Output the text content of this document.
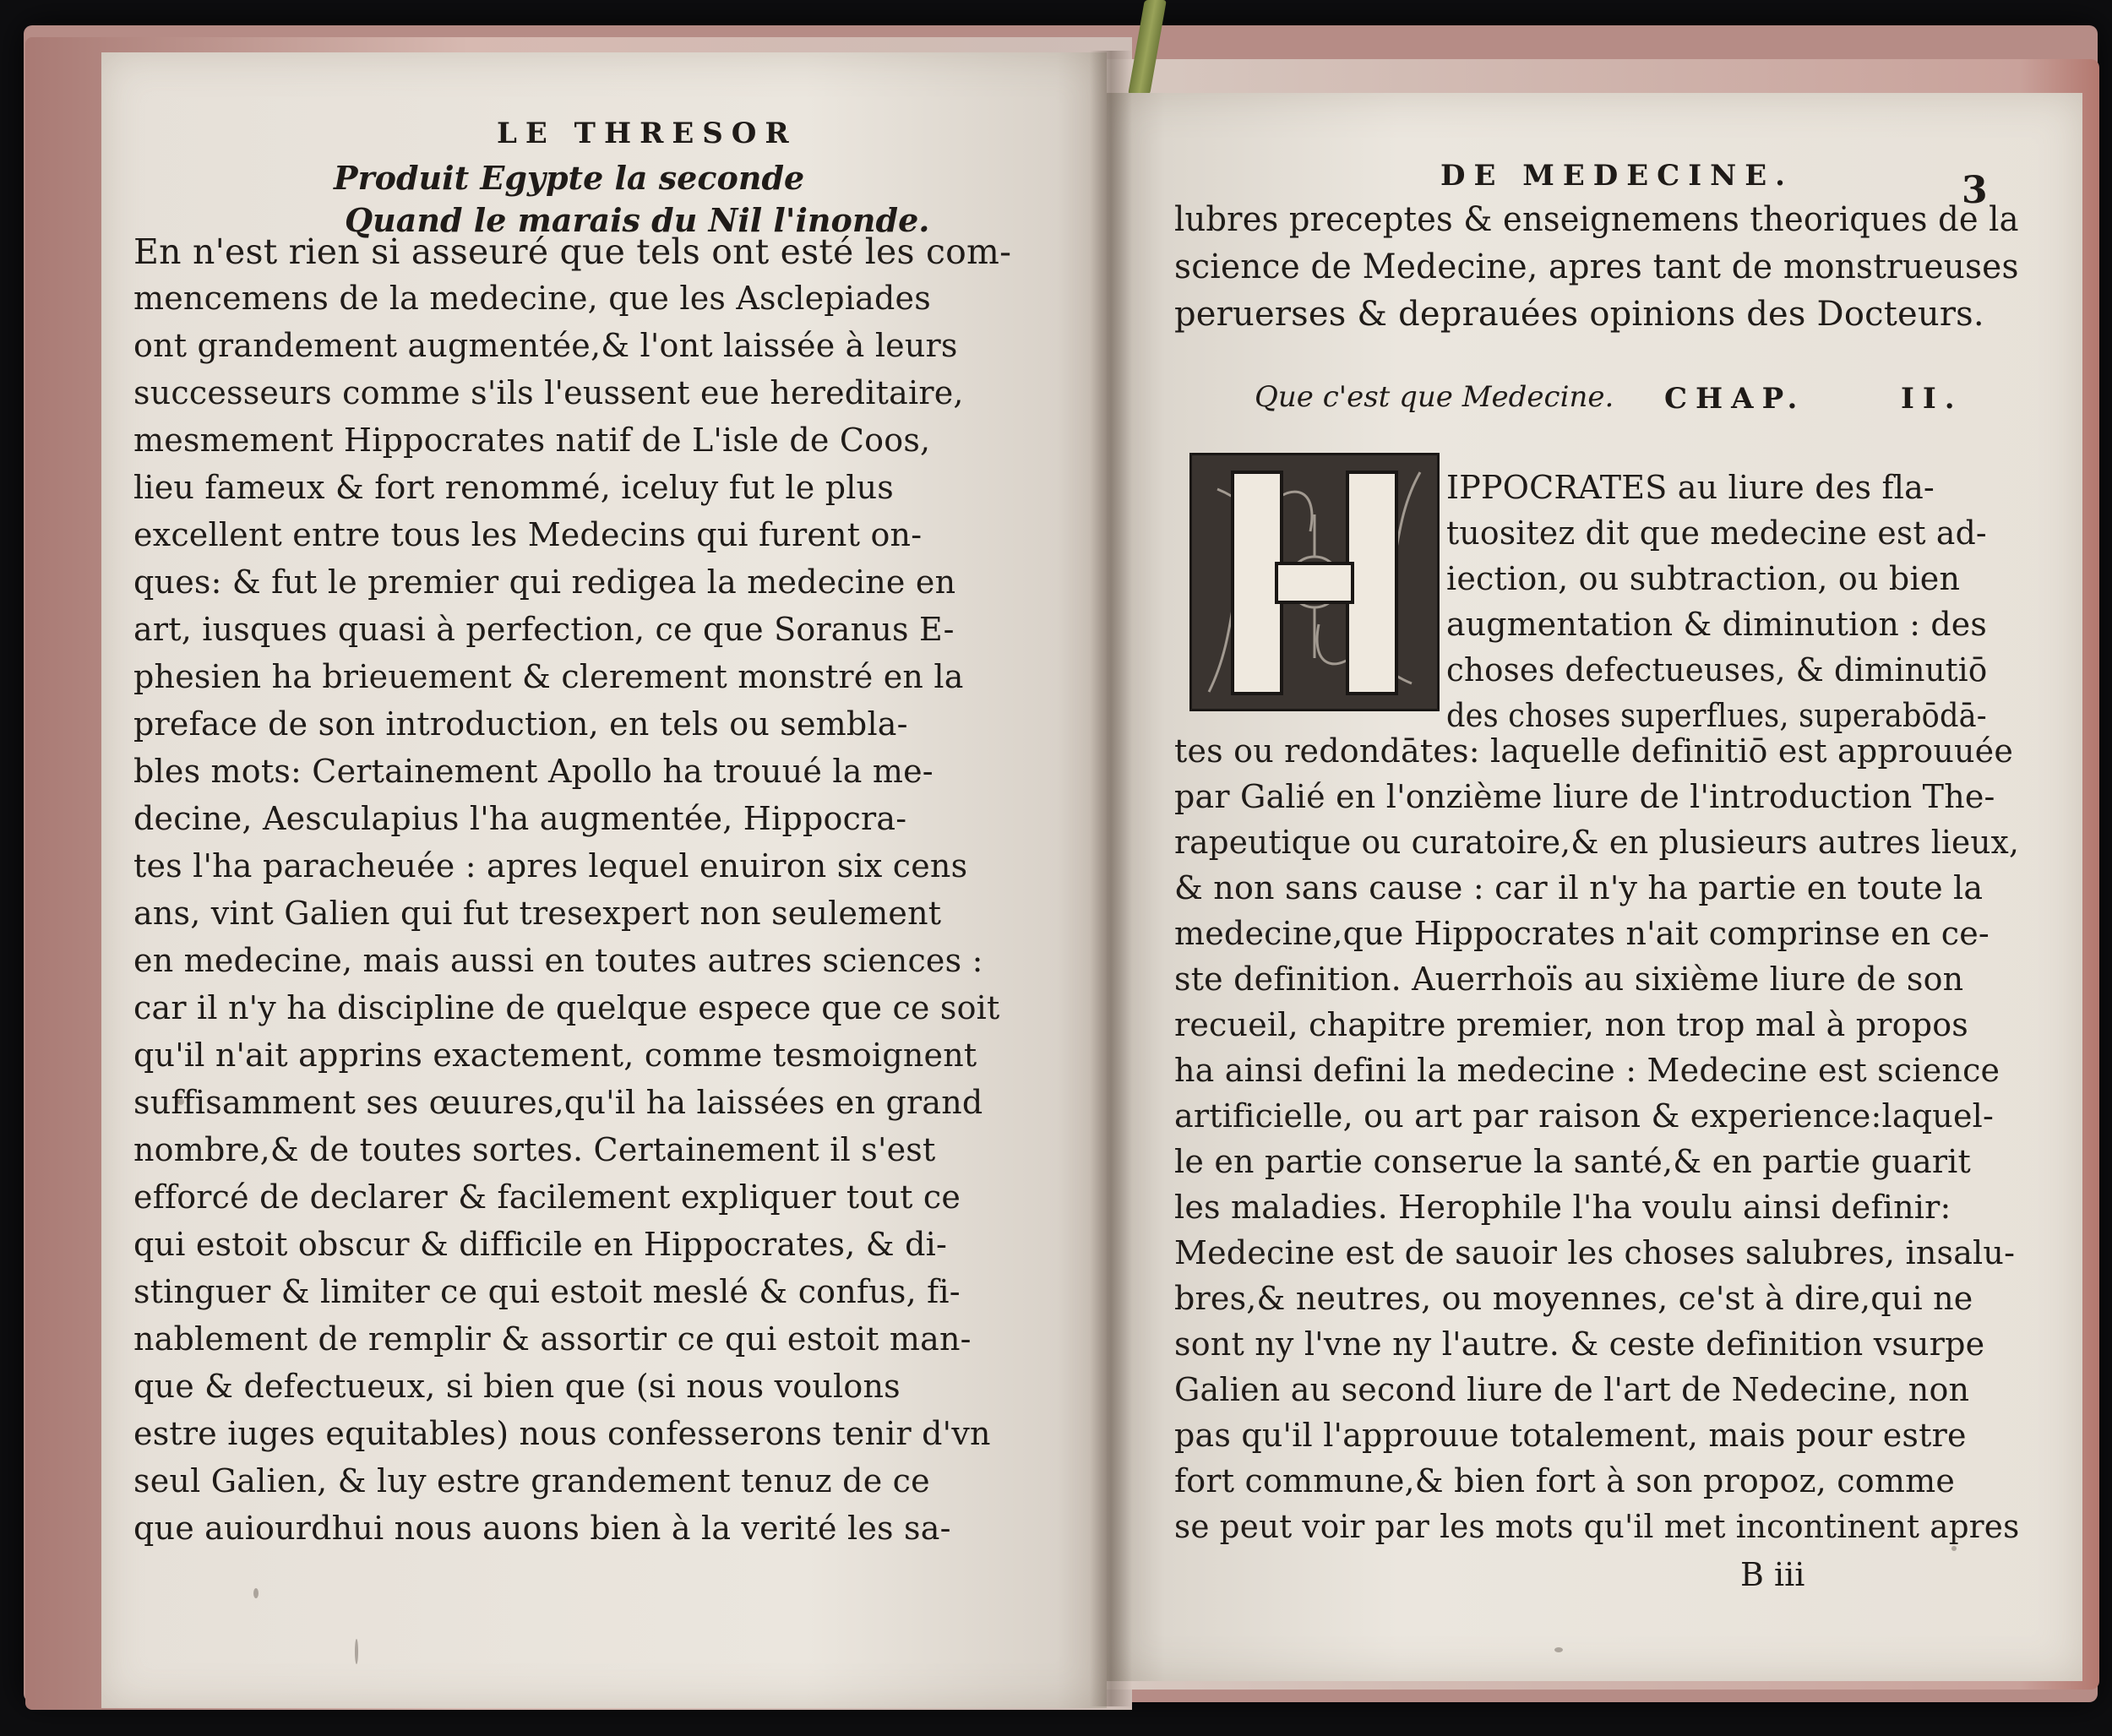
LE THRESOR
Produit Egypte la seconde
Quand le marais du Nil l'inonde.
En n'est rien si asseuré que tels ont esté les com-
mencemens de la medecine, que les Asclepiades
ont grandement augmentée,& l'ont laissée à leurs
successeurs comme s'ils l'eussent eue hereditaire,
mesmement Hippocrates natif de L'isle de Coos,
lieu fameux & fort renommé, iceluy fut le plus
excellent entre tous les Medecins qui furent on-
ques: & fut le premier qui redigea la medecine en
art, iusques quasi à perfection, ce que Soranus E-
phesien ha brieuement & clerement monstré en la
preface de son introduction, en tels ou sembla-
bles mots: Certainement Apollo ha trouué la me-
decine, Aesculapius l'ha augmentée, Hippocra-
tes l'ha paracheuée : apres lequel enuiron six cens
ans, vint Galien qui fut tresexpert non seulement
en medecine, mais aussi en toutes autres sciences :
car il n'y ha discipline de quelque espece que ce soit
qu'il n'ait apprins exactement, comme tesmoignent
suffisamment ses œuures,qu'il ha laissées en grand
nombre,& de toutes sortes. Certainement il s'est
efforcé de declarer & facilement expliquer tout ce
qui estoit obscur & difficile en Hippocrates, & di-
stinguer & limiter ce qui estoit meslé & confus, fi-
nablement de remplir & assortir ce qui estoit man-
que & defectueux, si bien que (si nous voulons
estre iuges equitables) nous confesserons tenir d'vn
seul Galien, & luy estre grandement tenuz de ce
que auiourdhui nous auons bien à la verité les sa-
DE MEDECINE.	3
lubres preceptes & enseignemens theoriques de la
science de Medecine, apres tant de monstrueuses
peruerses & deprauées opinions des Docteurs.
Que c'est que Medecine. CHAP.	II.
H
IPPOCRATES au liure des fla-
tuositez dit que medecine est ad-
iection, ou subtraction, ou bien
augmentation & diminution : des
choses defectueuses, & diminutiō
des choses superflues, superabōdā-
tes ou redondātes: laquelle definitiō est approuuée
par Galié en l'onzième liure de l'introduction The-
rapeutique ou curatoire,& en plusieurs autres lieux,
& non sans cause : car il n'y ha partie en toute la
medecine,que Hippocrates n'ait comprinse en ce-
ste definition. Auerrhoïs au sixième liure de son
recueil, chapitre premier, non trop mal à propos
ha ainsi defini la medecine : Medecine est science
artificielle, ou art par raison & experience:laquel-
le en partie conserue la santé,& en partie guarit
les maladies. Herophile l'ha voulu ainsi definir:
Medecine est de sauoir les choses salubres, insalu-
bres,& neutres, ou moyennes, ce'st à dire,qui ne
sont ny l'vne ny l'autre. & ceste definition vsurpe
Galien au second liure de l'art de Nedecine, non
pas qu'il l'approuue totalement, mais pour estre
fort commune,& bien fort à son propoz, comme
se peut voir par les mots qu'il met incontinent apres
B iii
